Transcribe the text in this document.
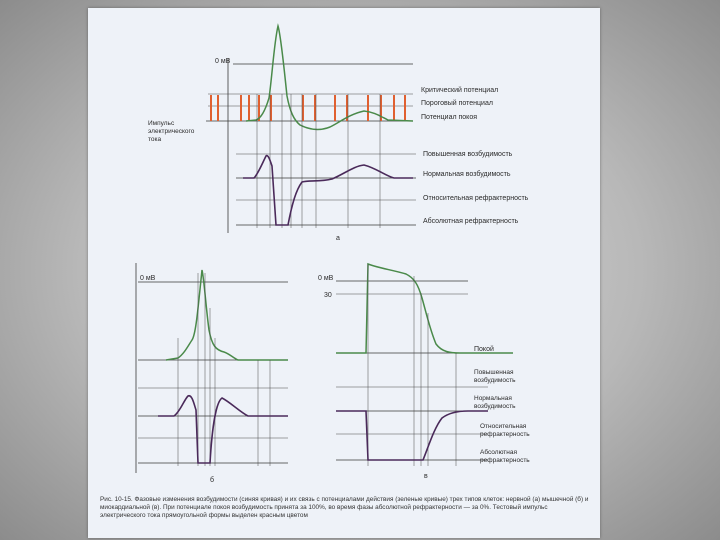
0 мВ
Импульс электрического тока
Критический потенциал
Пороговый потенциал
Потенциал покоя
Повышенная возбудимость
Нормальная возбудимость
Относительная рефрактерность
Абсолютная рефрактерность
а
0 мВ
б
0 мВ
30
Покой
Повышенная возбудимость
Нормальная возбудимость
Относительная рефрактерность
Абсолютная рефрактерность
в
Рис. 10-15. Фазовые изменения возбудимости (синяя кривая) и их связь с потенциалами действия (зеленые кривые) трех типов клеток: нервной (а) мышечной (б) и миокардиальной (в). При потенциале покоя возбудимость принята за 100%, во время фазы абсолютной рефрактерности — за 0%. Тестовый импульс электрического тока прямоугольной формы выделен красным цветом
